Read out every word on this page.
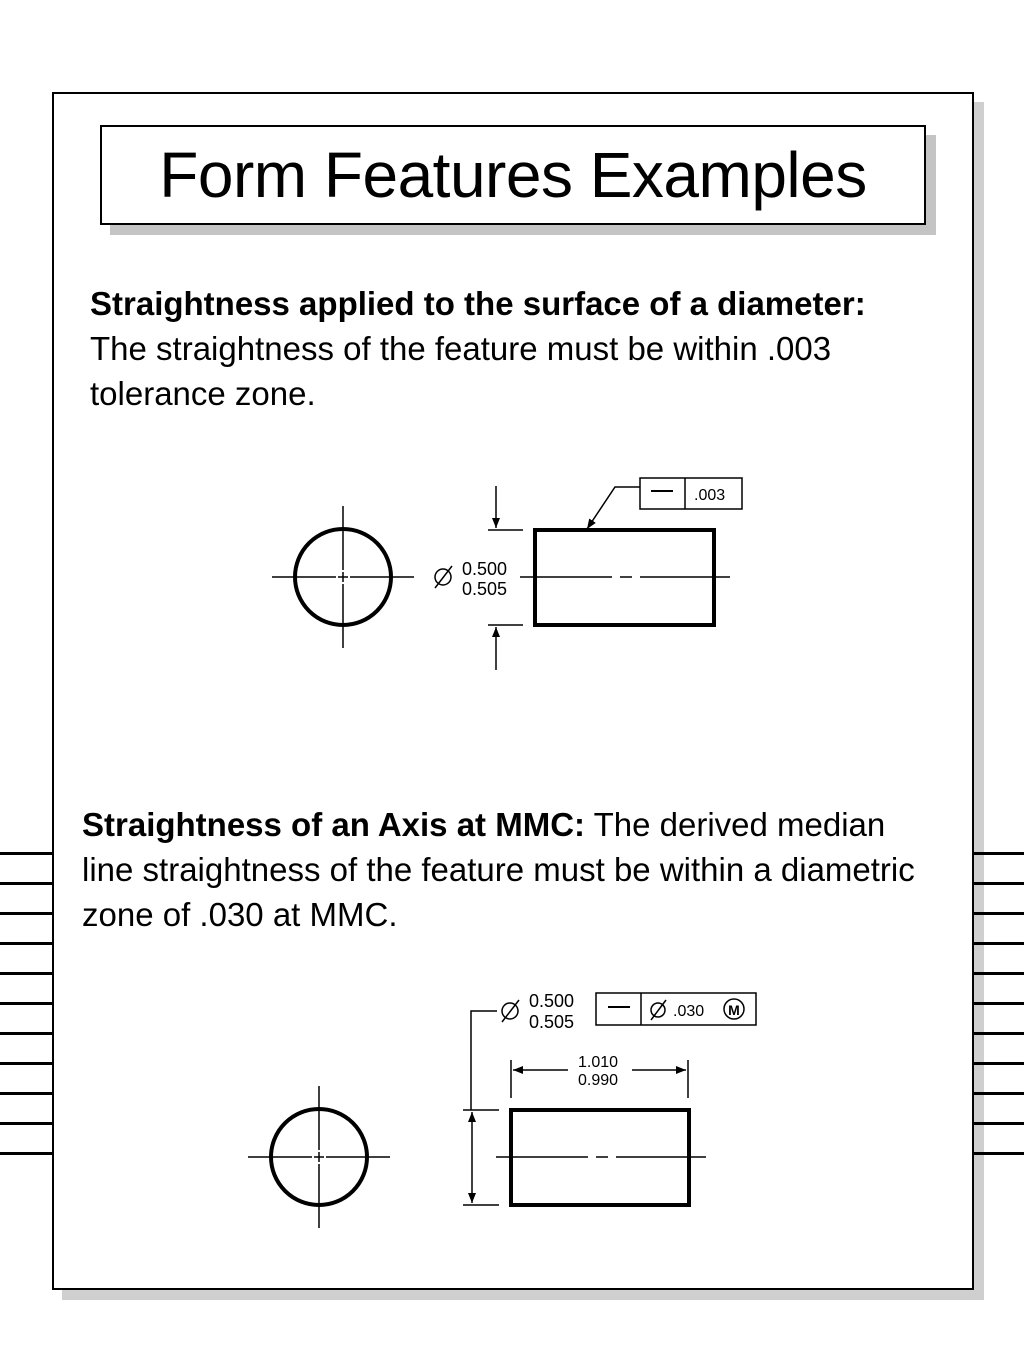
Form Features Examples

Straightness applied to the surface of a diameter: The straightness of the feature must be within .003 tolerance zone.

Straightness of an Axis at MMC: The derived median line straightness of the feature must be within a diametric zone of .030 at MMC.

0.500
0.505
.003
0.500
0.505
.030 M
1.010
0.990
